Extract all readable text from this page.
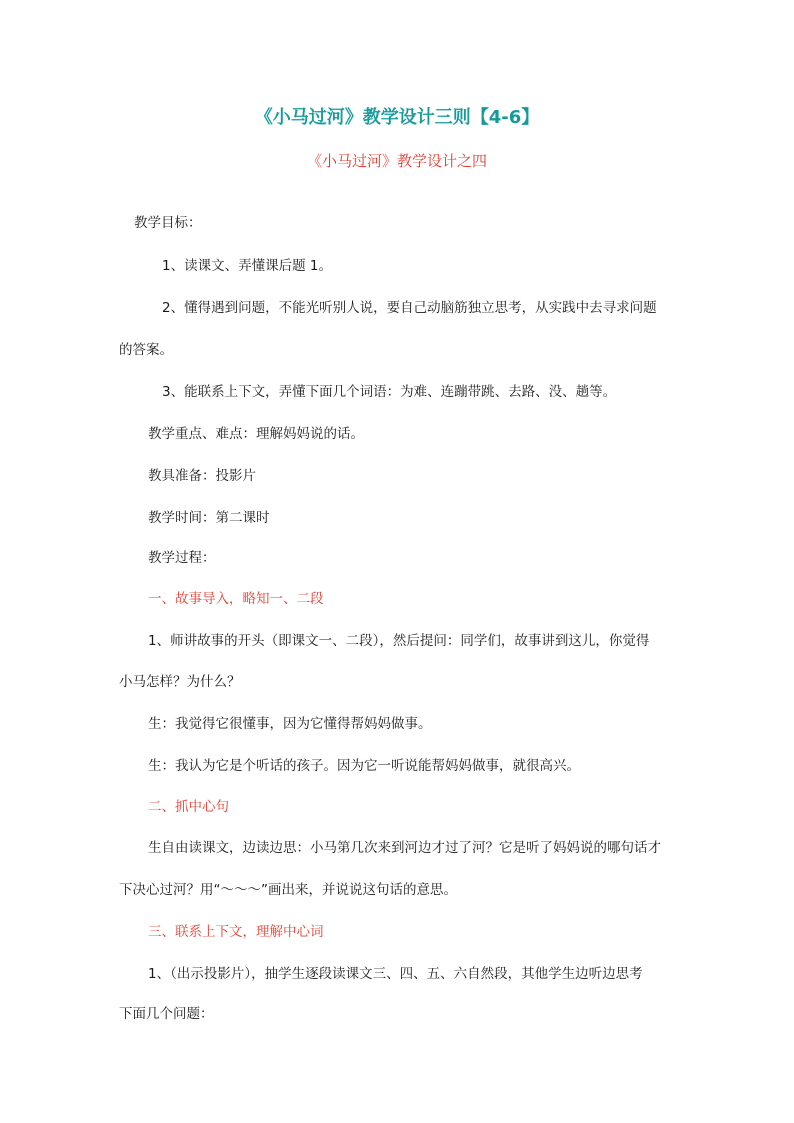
《小马过河》教学设计三则【4-6】
《小马过河》教学设计之四
教学目标：
1、读课文、弄懂课后题 1。
2、懂得遇到问题，不能光听别人说，要自己动脑筋独立思考，从实践中去寻求问题
的答案。
3、能联系上下文，弄懂下面几个词语：为难、连蹦带跳、去路、没、趟等。
教学重点、难点：理解妈妈说的话。
教具准备：投影片
教学时间：第二课时
教学过程：
一、故事导入，略知一、二段
1、师讲故事的开头（即课文一、二段），然后提问：同学们，故事讲到这儿，你觉得
小马怎样？为什么？
生：我觉得它很懂事，因为它懂得帮妈妈做事。
生：我认为它是个听话的孩子。因为它一听说能帮妈妈做事，就很高兴。
二、抓中心句
生自由读课文，边读边思：小马第几次来到河边才过了河？它是听了妈妈说的哪句话才
下决心过河？用“～～～”画出来，并说说这句话的意思。
三、联系上下文，理解中心词
1、（出示投影片），抽学生逐段读课文三、四、五、六自然段，其他学生边听边思考
下面几个问题：
